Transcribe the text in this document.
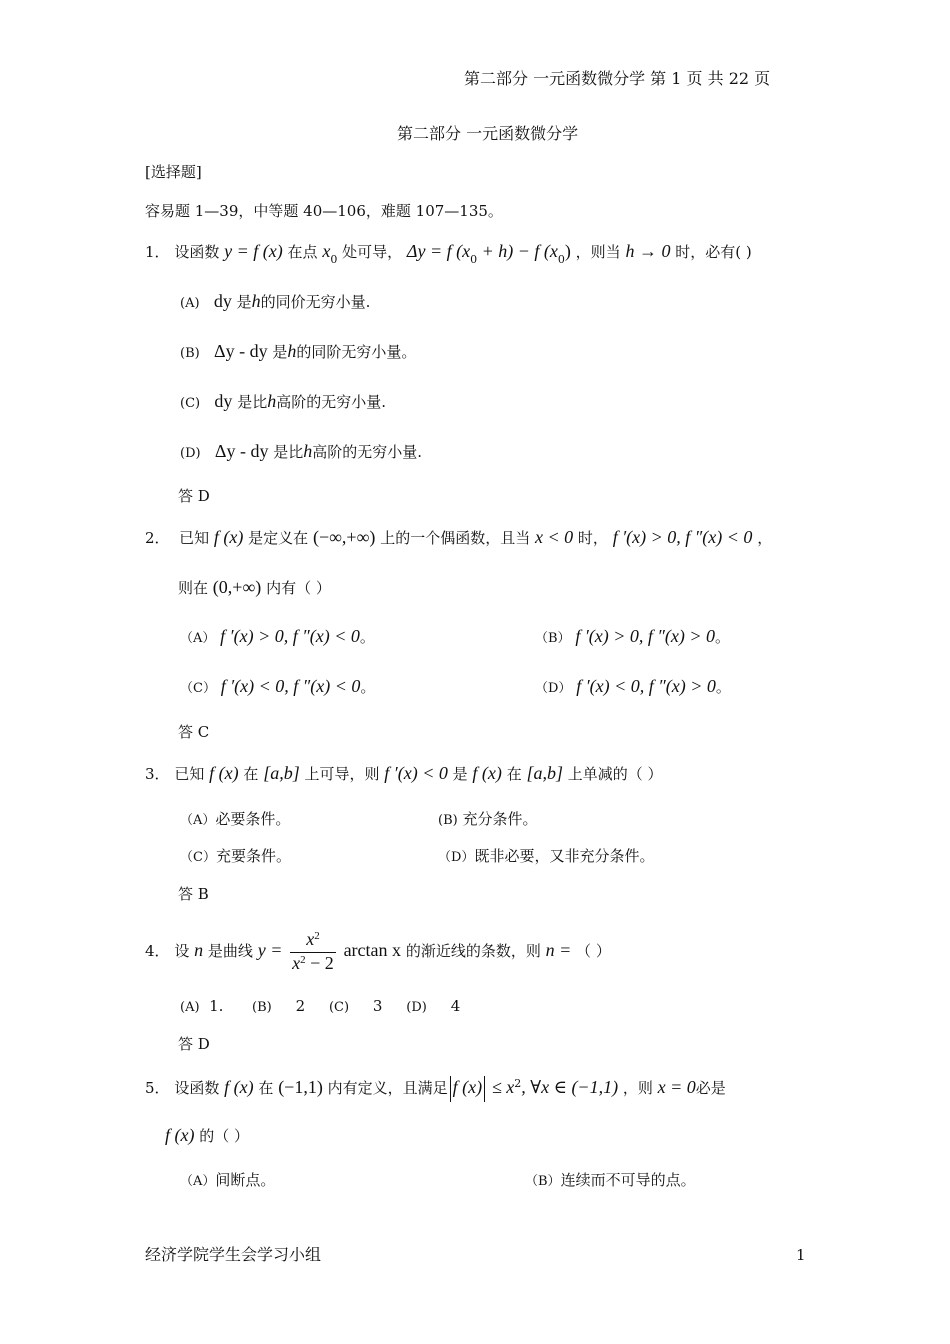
第二部分 一元函数微分学 第 1 页 共 22 页
第二部分 一元函数微分学
[选择题]
容易题 1—39，中等题 40—106，难题 107—135。
1． 设函数 y = f (x) 在点 $x_0$ 处可导， Δy = f $(x_0 + h) - f$ $(x_0)$ ，则当 h → 0 时，必有( )
(A) dy 是h的同价无穷小量.
(B) Δy - dy 是h的同阶无穷小量。
(C) dy 是比h高阶的无穷小量.
(D) Δy - dy 是比h高阶的无穷小量.
答 D
2． 已知 f (x) 是定义在 (−∞,+∞) 上的一个偶函数，且当 x < 0 时， f ′(x) > 0, f ″(x) < 0 ，
则在 (0,+∞) 内有（ ）
（A） f ′(x) > 0, f ″(x) < 0。	（B） f ′(x) > 0, f ″(x) > 0。
（C） f ′(x) < 0, f ″(x) < 0。	（D） f ′(x) < 0, f ″(x) > 0。
答 C
3． 已知 f (x) 在 [a,b] 上可导，则 f ′(x) < 0 是 f (x) 在 [a,b] 上单减的（ ）
（A）必要条件。	(B) 充分条件。
（C）充要条件。	（D）既非必要，又非充分条件。
答 B
4． 设 n 是曲线 $y = \frac{x^2}{x^2 - 2}$ arctan x 的渐近线的条数，则 n = （ ）
(A) 1. (B) 2 (C) 3 (D) 4
答 D
5． 设函数 f (x) 在 (−1,1) 内有定义，且满足 f $(x) \le x^2$, ∀x ∈ (−1,1) ，则 x = 0必是
f (x) 的（ ）
（A）间断点。	（B）连续而不可导的点。
经济学院学生会学习小组	1
